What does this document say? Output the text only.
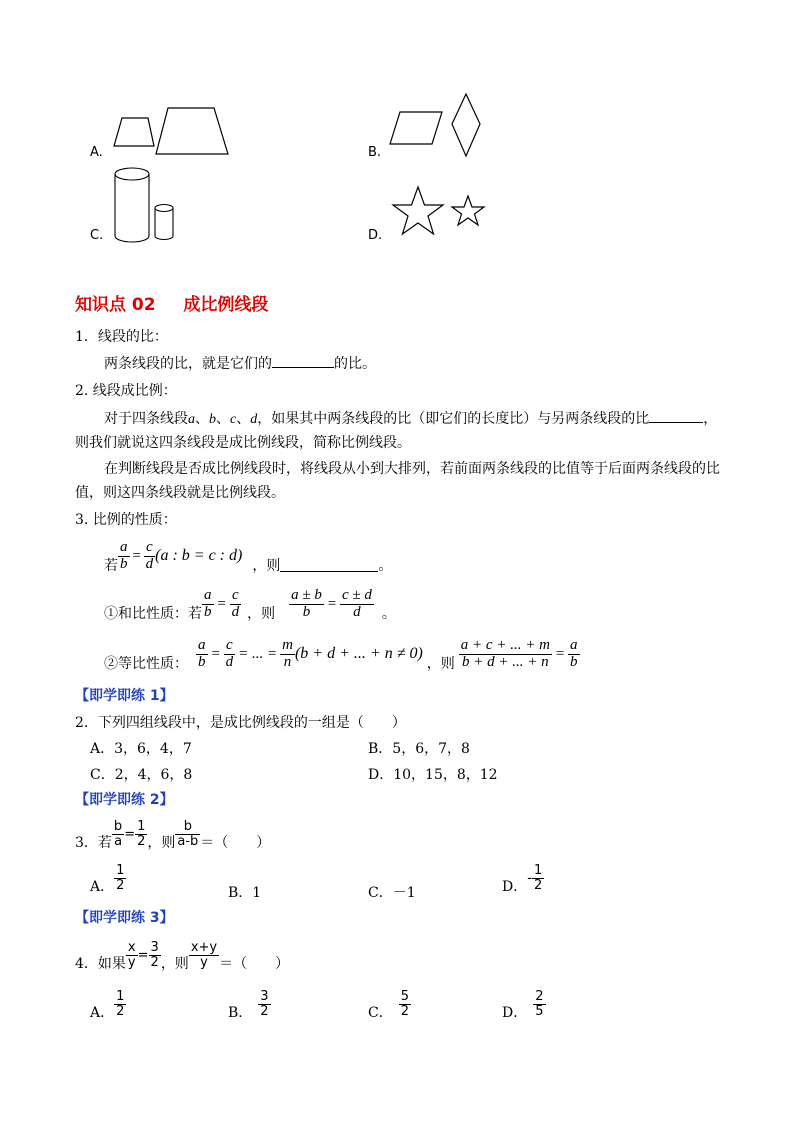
A.	B.
C.	D.
知识点 02 成比例线段
1．线段的比：
两条线段的比，就是它们的	的比。
2. 线段成比例：
对于四条线段a、b、c、d，如果其中两条线段的比（即它们的长度比）与另两条线段的比	，
则我们就说这四条线段是成比例线段，简称比例线段。
在判断线段是否成比例线段时，将线段从小到大排列，若前面两条线段的比值等于后面两条线段的比
值，则这四条线段就是比例线段。
3. 比例的性质：
若 $\frac{a}{b} = \frac{c}{d} (a$ : b = c : d)
，则	。
①和比性质：若 $\frac{a}{b} = \frac{c}{d}$ ，则 $\frac{a \pm b}{b} = \frac{c \pm d}{d}$ 。
②等比性质： $\frac{a}{b} = \frac{c}{d}$ = ... = $\frac{m}{n} (b + d$ + ... + n ≠ 0)
，则 $\frac{a + c + ... + m}{b + d + ... + n} = \frac{a}{b}$
【即学即练 1】
2．下列四组线段中，是成比例线段的一组是（　　）
A．3，6，4，7	B．5，6，7，8
C．2，4，6，8	D．10，15，8，12
【即学即练 2】
3．若 $\frac{b}{a} = \frac{1}{2}$ ，则 $\frac{b}{a-b}$ ＝（　　）
A． $\frac{1}{2}$
B．1	C．－1	D．
- $\frac{1}{2}$
【即学即练 3】
4．如果 $\frac{x}{y} = \frac{3}{2}$ ，则 $\frac{x+y}{y}$ ＝（　　）
A． $\frac{1}{2}$	B． $\frac{3}{2}$	C． $\frac{5}{2}$	D． $\frac{2}{5}$
